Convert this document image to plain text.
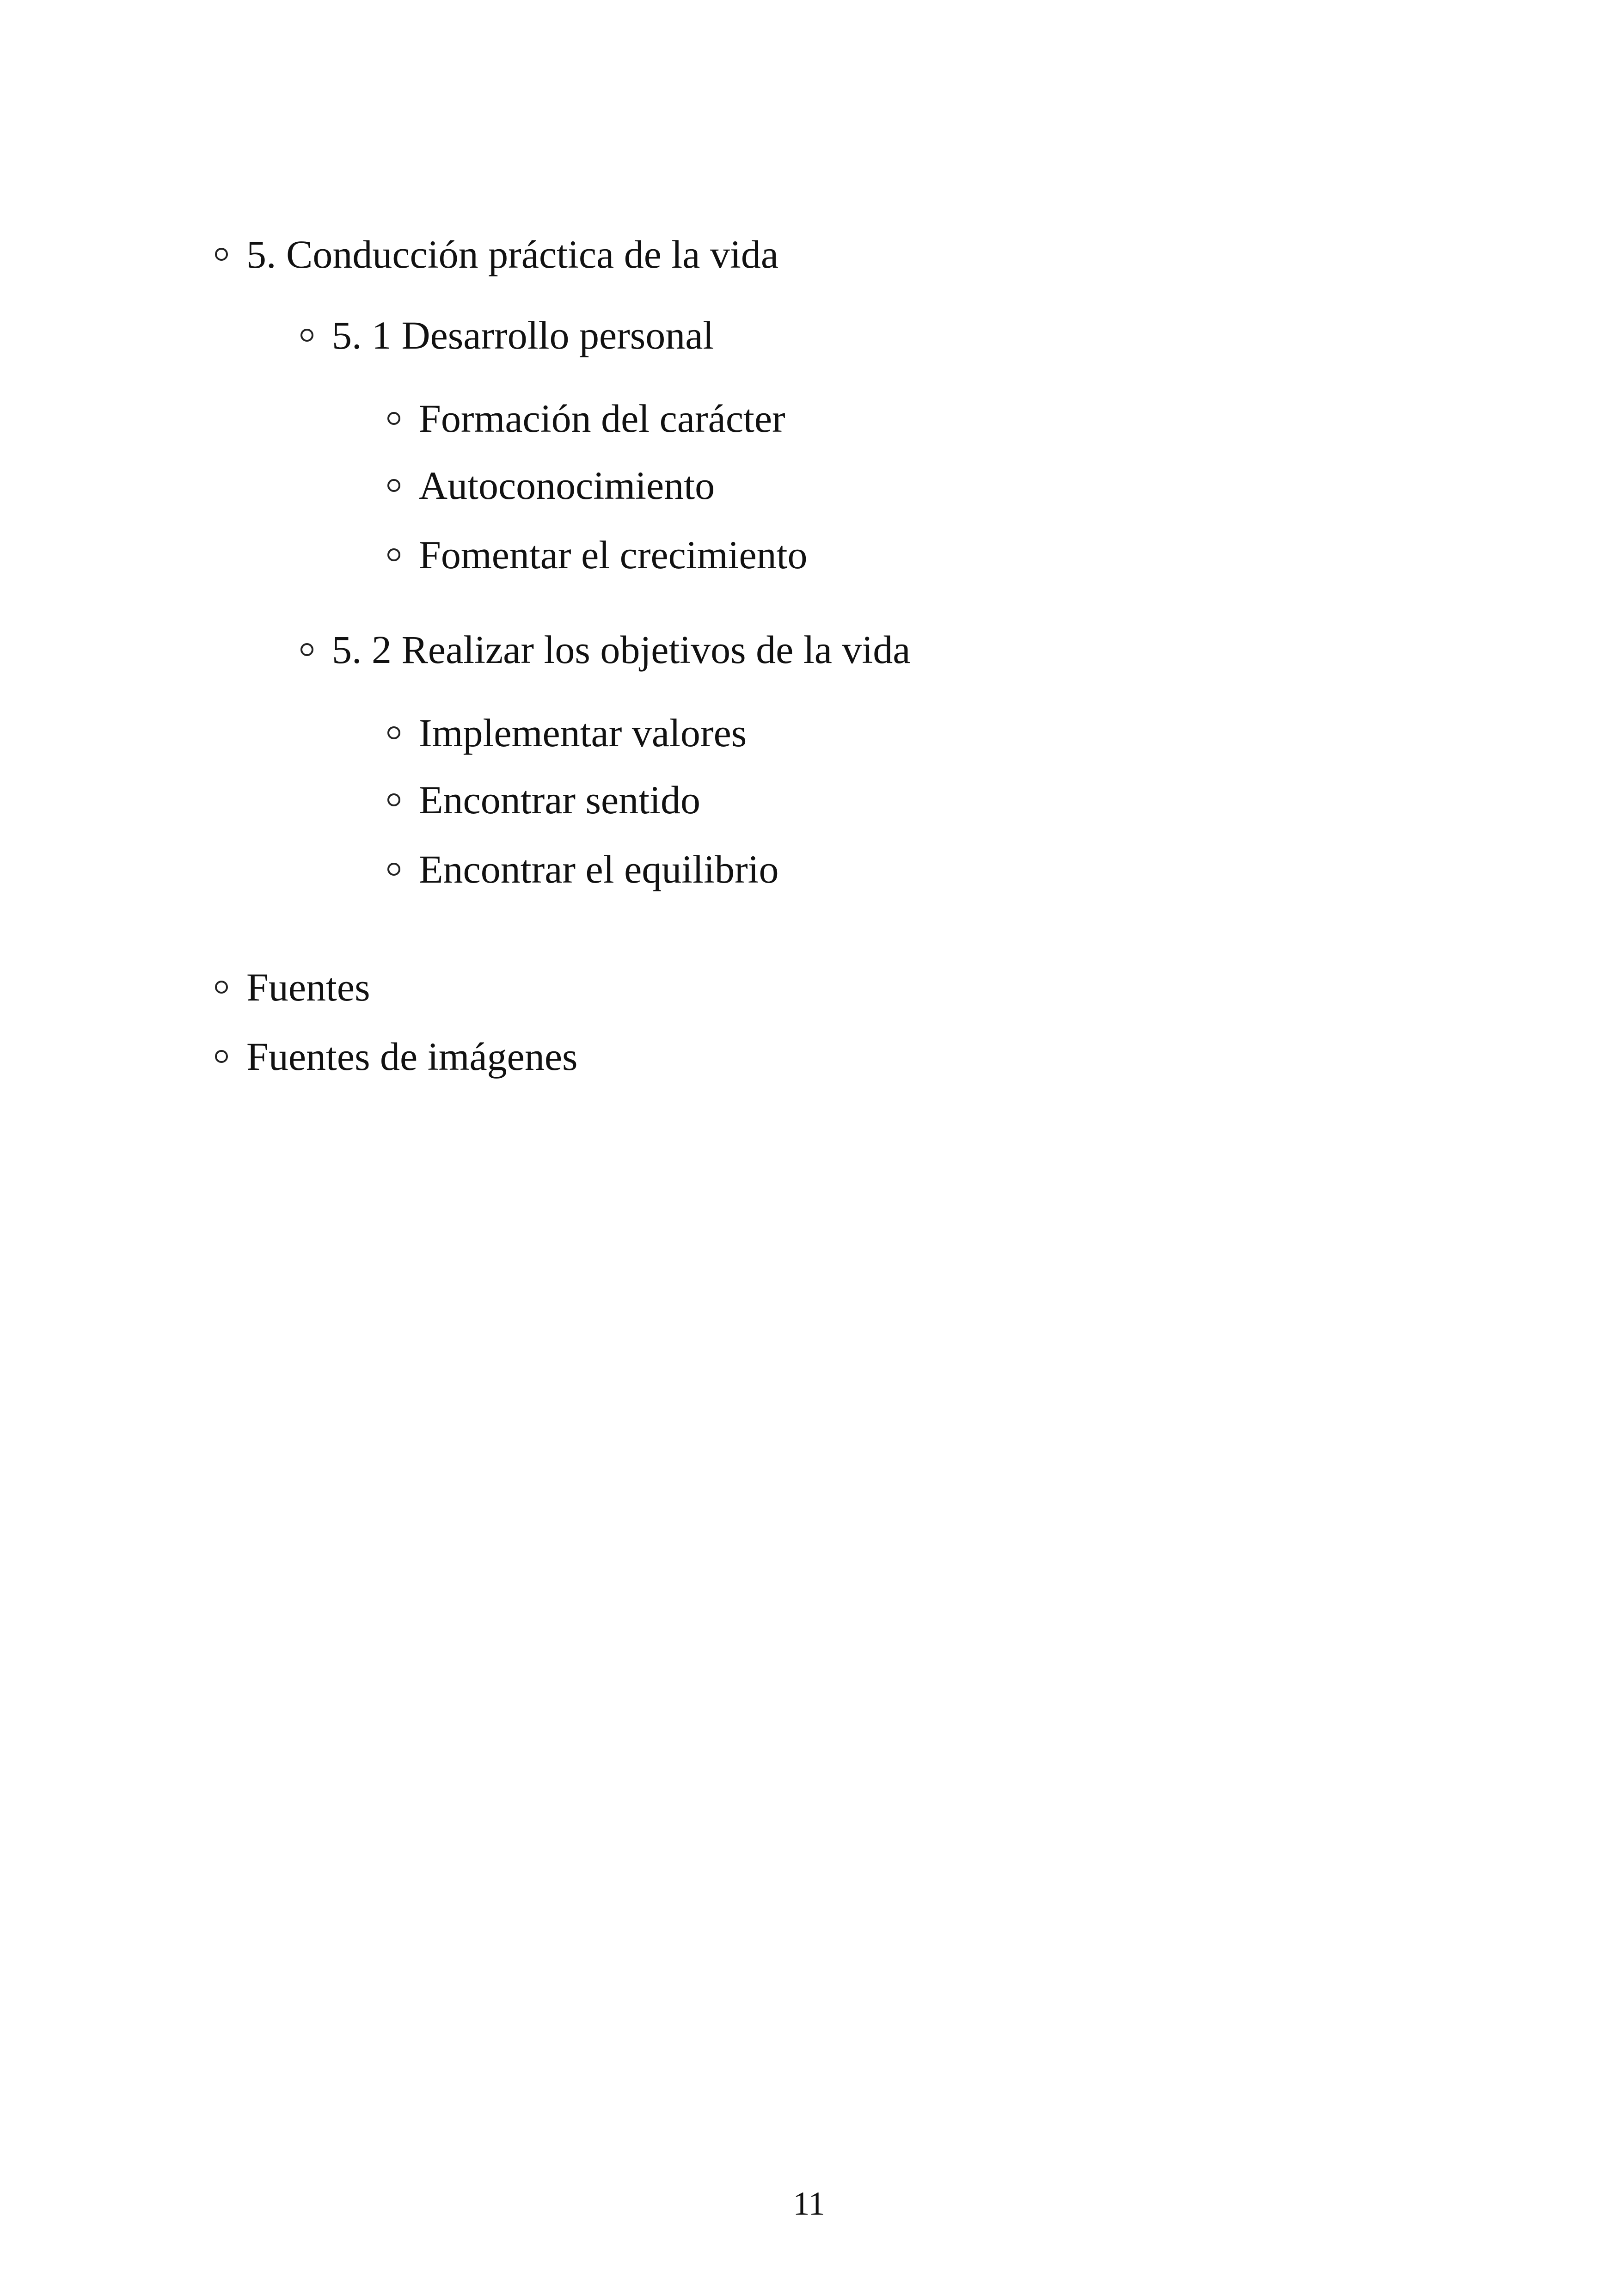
5. Conducción práctica de la vida
5. 1 Desarrollo personal
Formación del carácter
Autoconocimiento
Fomentar el crecimiento
5. 2 Realizar los objetivos de la vida
Implementar valores
Encontrar sentido
Encontrar el equilibrio
Fuentes
Fuentes de imágenes
11
